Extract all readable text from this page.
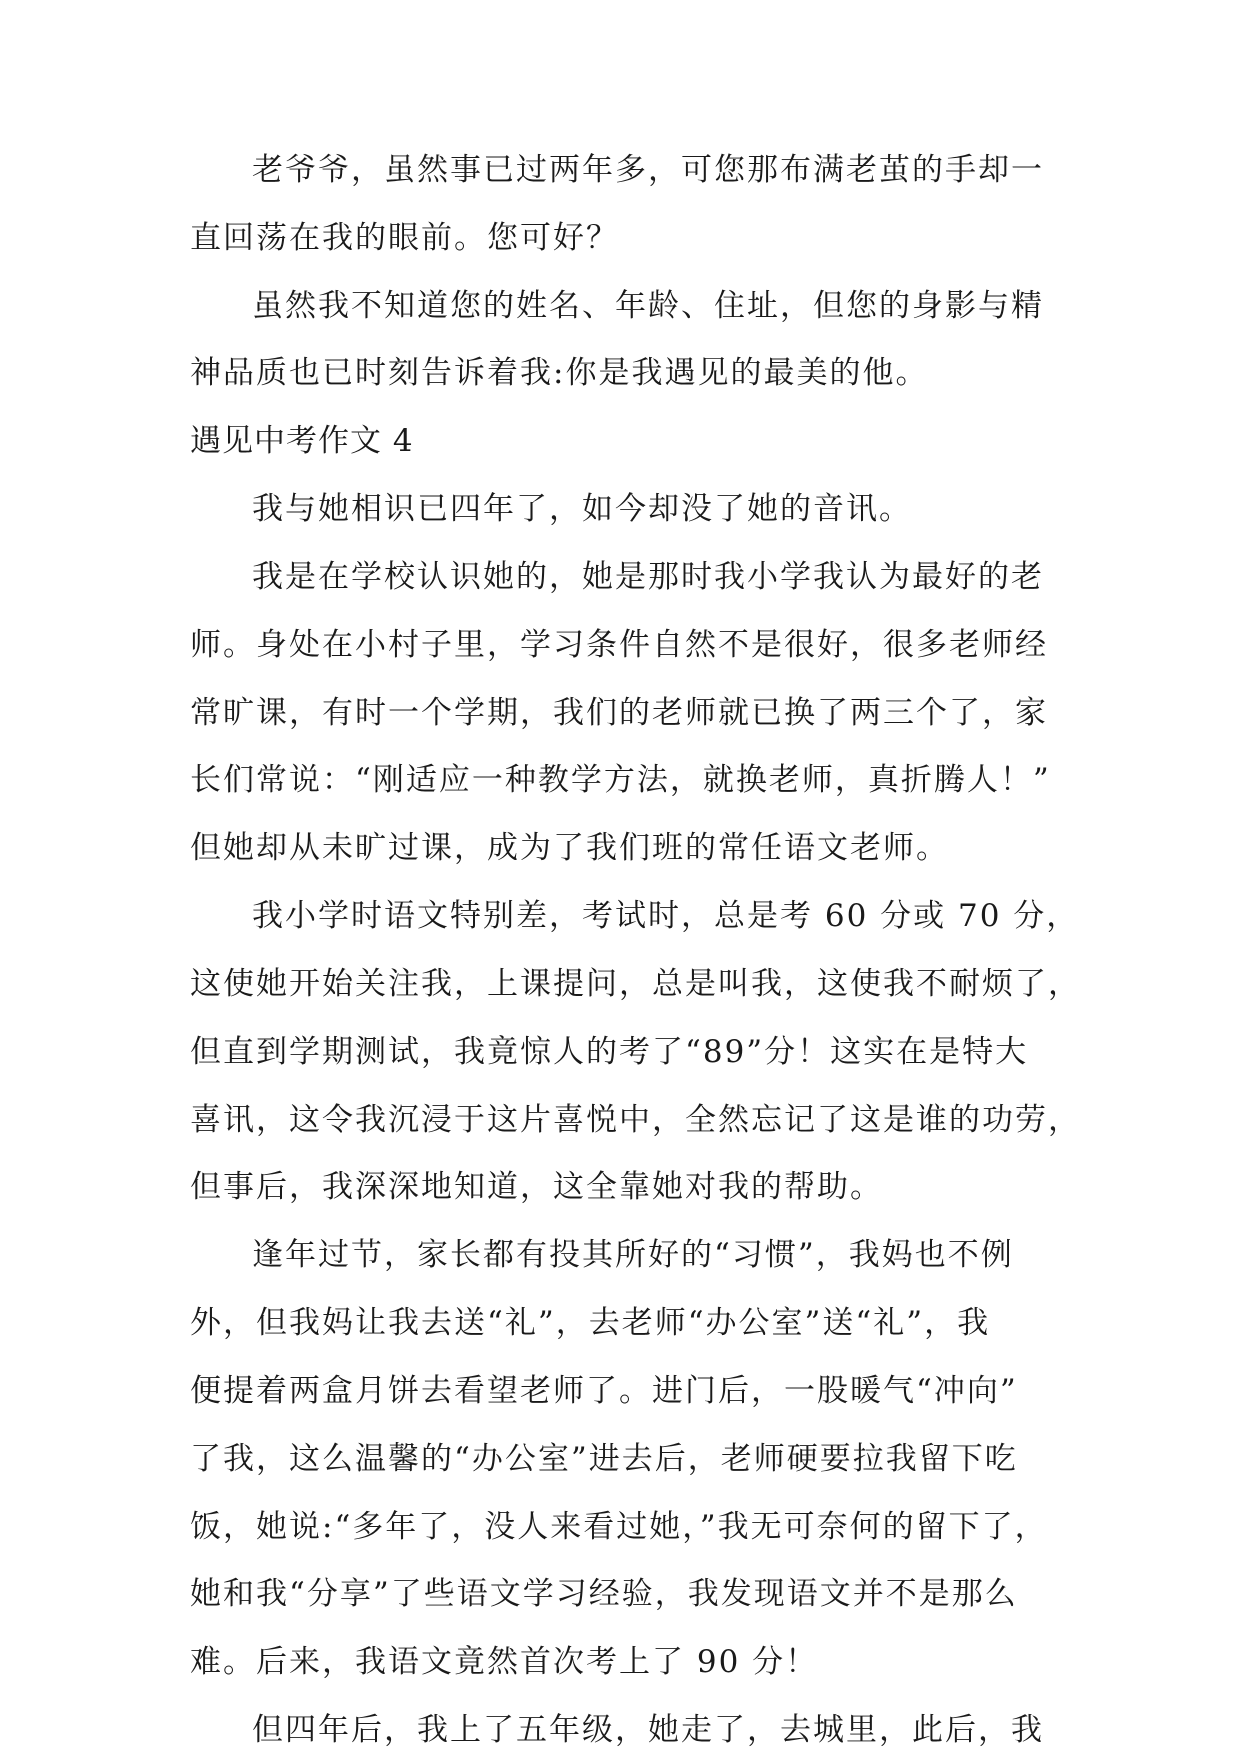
老爷爷，虽然事已过两年多，可您那布满老茧的手却一
直回荡在我的眼前。您可好？
虽然我不知道您的姓名、年龄、住址，但您的身影与精
神品质也已时刻告诉着我:你是我遇见的最美的他。
遇见中考作文 4
我与她相识已四年了，如今却没了她的音讯。
我是在学校认识她的，她是那时我小学我认为最好的老
师。身处在小村子里，学习条件自然不是很好，很多老师经
常旷课，有时一个学期，我们的老师就已换了两三个了，家
长们常说：“刚适应一种教学方法，就换老师，真折腾人！”
但她却从未旷过课，成为了我们班的常任语文老师。
我小学时语文特别差，考试时，总是考 60 分或 70 分，
这使她开始关注我，上课提问，总是叫我，这使我不耐烦了，
但直到学期测试，我竟惊人的考了“89”分！这实在是特大
喜讯，这令我沉浸于这片喜悦中，全然忘记了这是谁的功劳，
但事后，我深深地知道，这全靠她对我的帮助。
逢年过节，家长都有投其所好的“习惯”，我妈也不例
外，但我妈让我去送“礼”，去老师“办公室”送“礼”，我
便提着两盒月饼去看望老师了。进门后，一股暖气“冲向”
了我，这么温馨的“办公室”进去后，老师硬要拉我留下吃
饭，她说:“多年了，没人来看过她，”我无可奈何的留下了，
她和我“分享”了些语文学习经验，我发现语文并不是那么
难。后来，我语文竟然首次考上了 90 分！
但四年后，我上了五年级，她走了，去城里，此后，我
